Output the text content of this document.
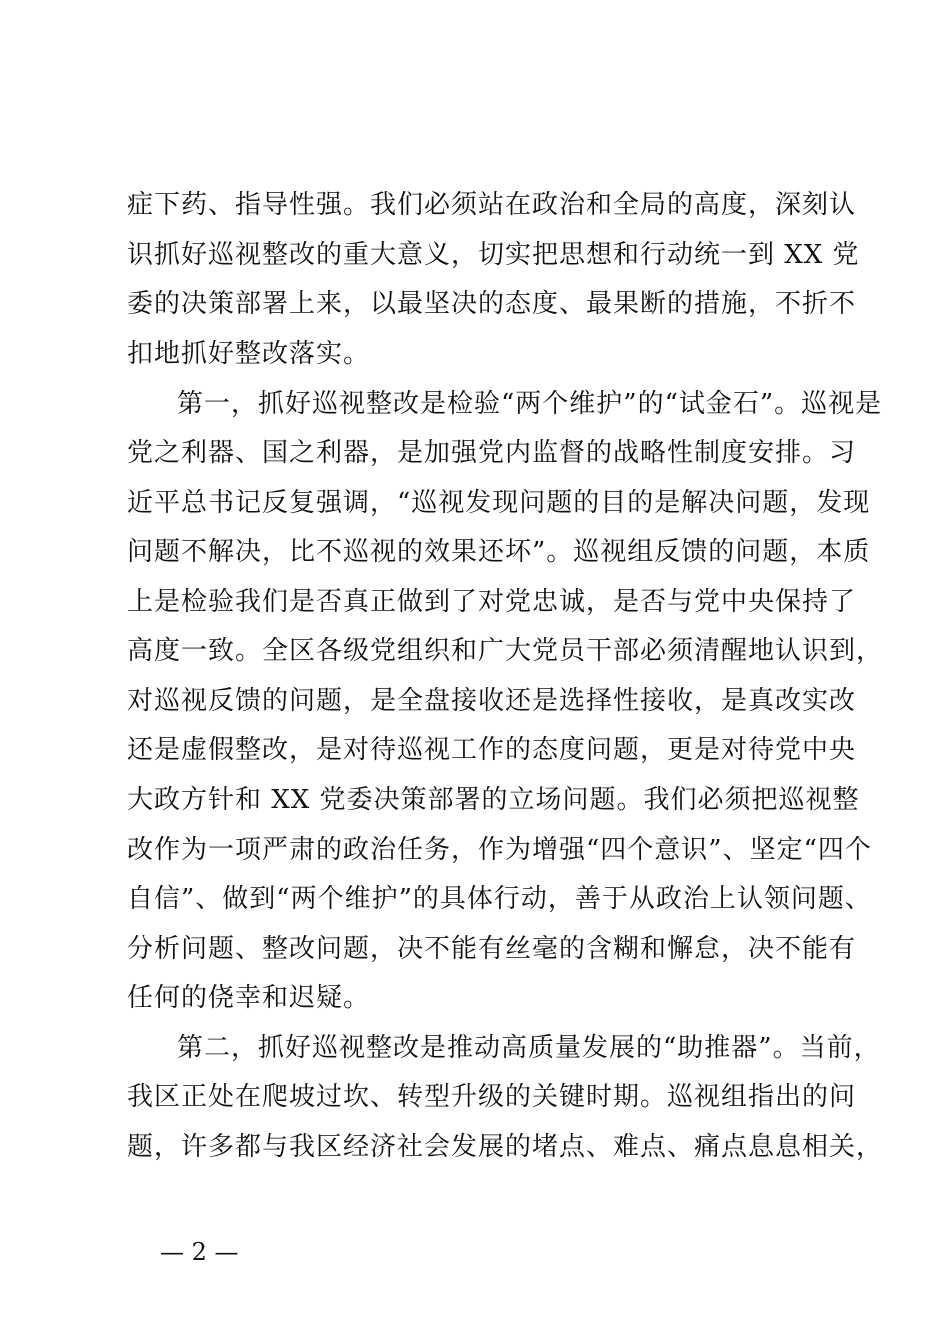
症下药、指导性强。我们必须站在政治和全局的高度，深刻认
识抓好巡视整改的重大意义，切实把思想和行动统一到 XX 党
委的决策部署上来，以最坚决的态度、最果断的措施，不折不
扣地抓好整改落实。
第一，抓好巡视整改是检验“两个维护”的“试金石”。巡视是
党之利器、国之利器，是加强党内监督的战略性制度安排。习
近平总书记反复强调，“巡视发现问题的目的是解决问题，发现
问题不解决，比不巡视的效果还坏”。巡视组反馈的问题，本质
上是检验我们是否真正做到了对党忠诚，是否与党中央保持了
高度一致。全区各级党组织和广大党员干部必须清醒地认识到，
对巡视反馈的问题，是全盘接收还是选择性接收，是真改实改
还是虚假整改，是对待巡视工作的态度问题，更是对待党中央
大政方针和 XX 党委决策部署的立场问题。我们必须把巡视整
改作为一项严肃的政治任务，作为增强“四个意识”、坚定“四个
自信”、做到“两个维护”的具体行动，善于从政治上认领问题、
分析问题、整改问题，决不能有丝毫的含糊和懈怠，决不能有
任何的侥幸和迟疑。
第二，抓好巡视整改是推动高质量发展的“助推器”。当前，
我区正处在爬坡过坎、转型升级的关键时期。巡视组指出的问
题，许多都与我区经济社会发展的堵点、难点、痛点息息相关，
— 2 —
